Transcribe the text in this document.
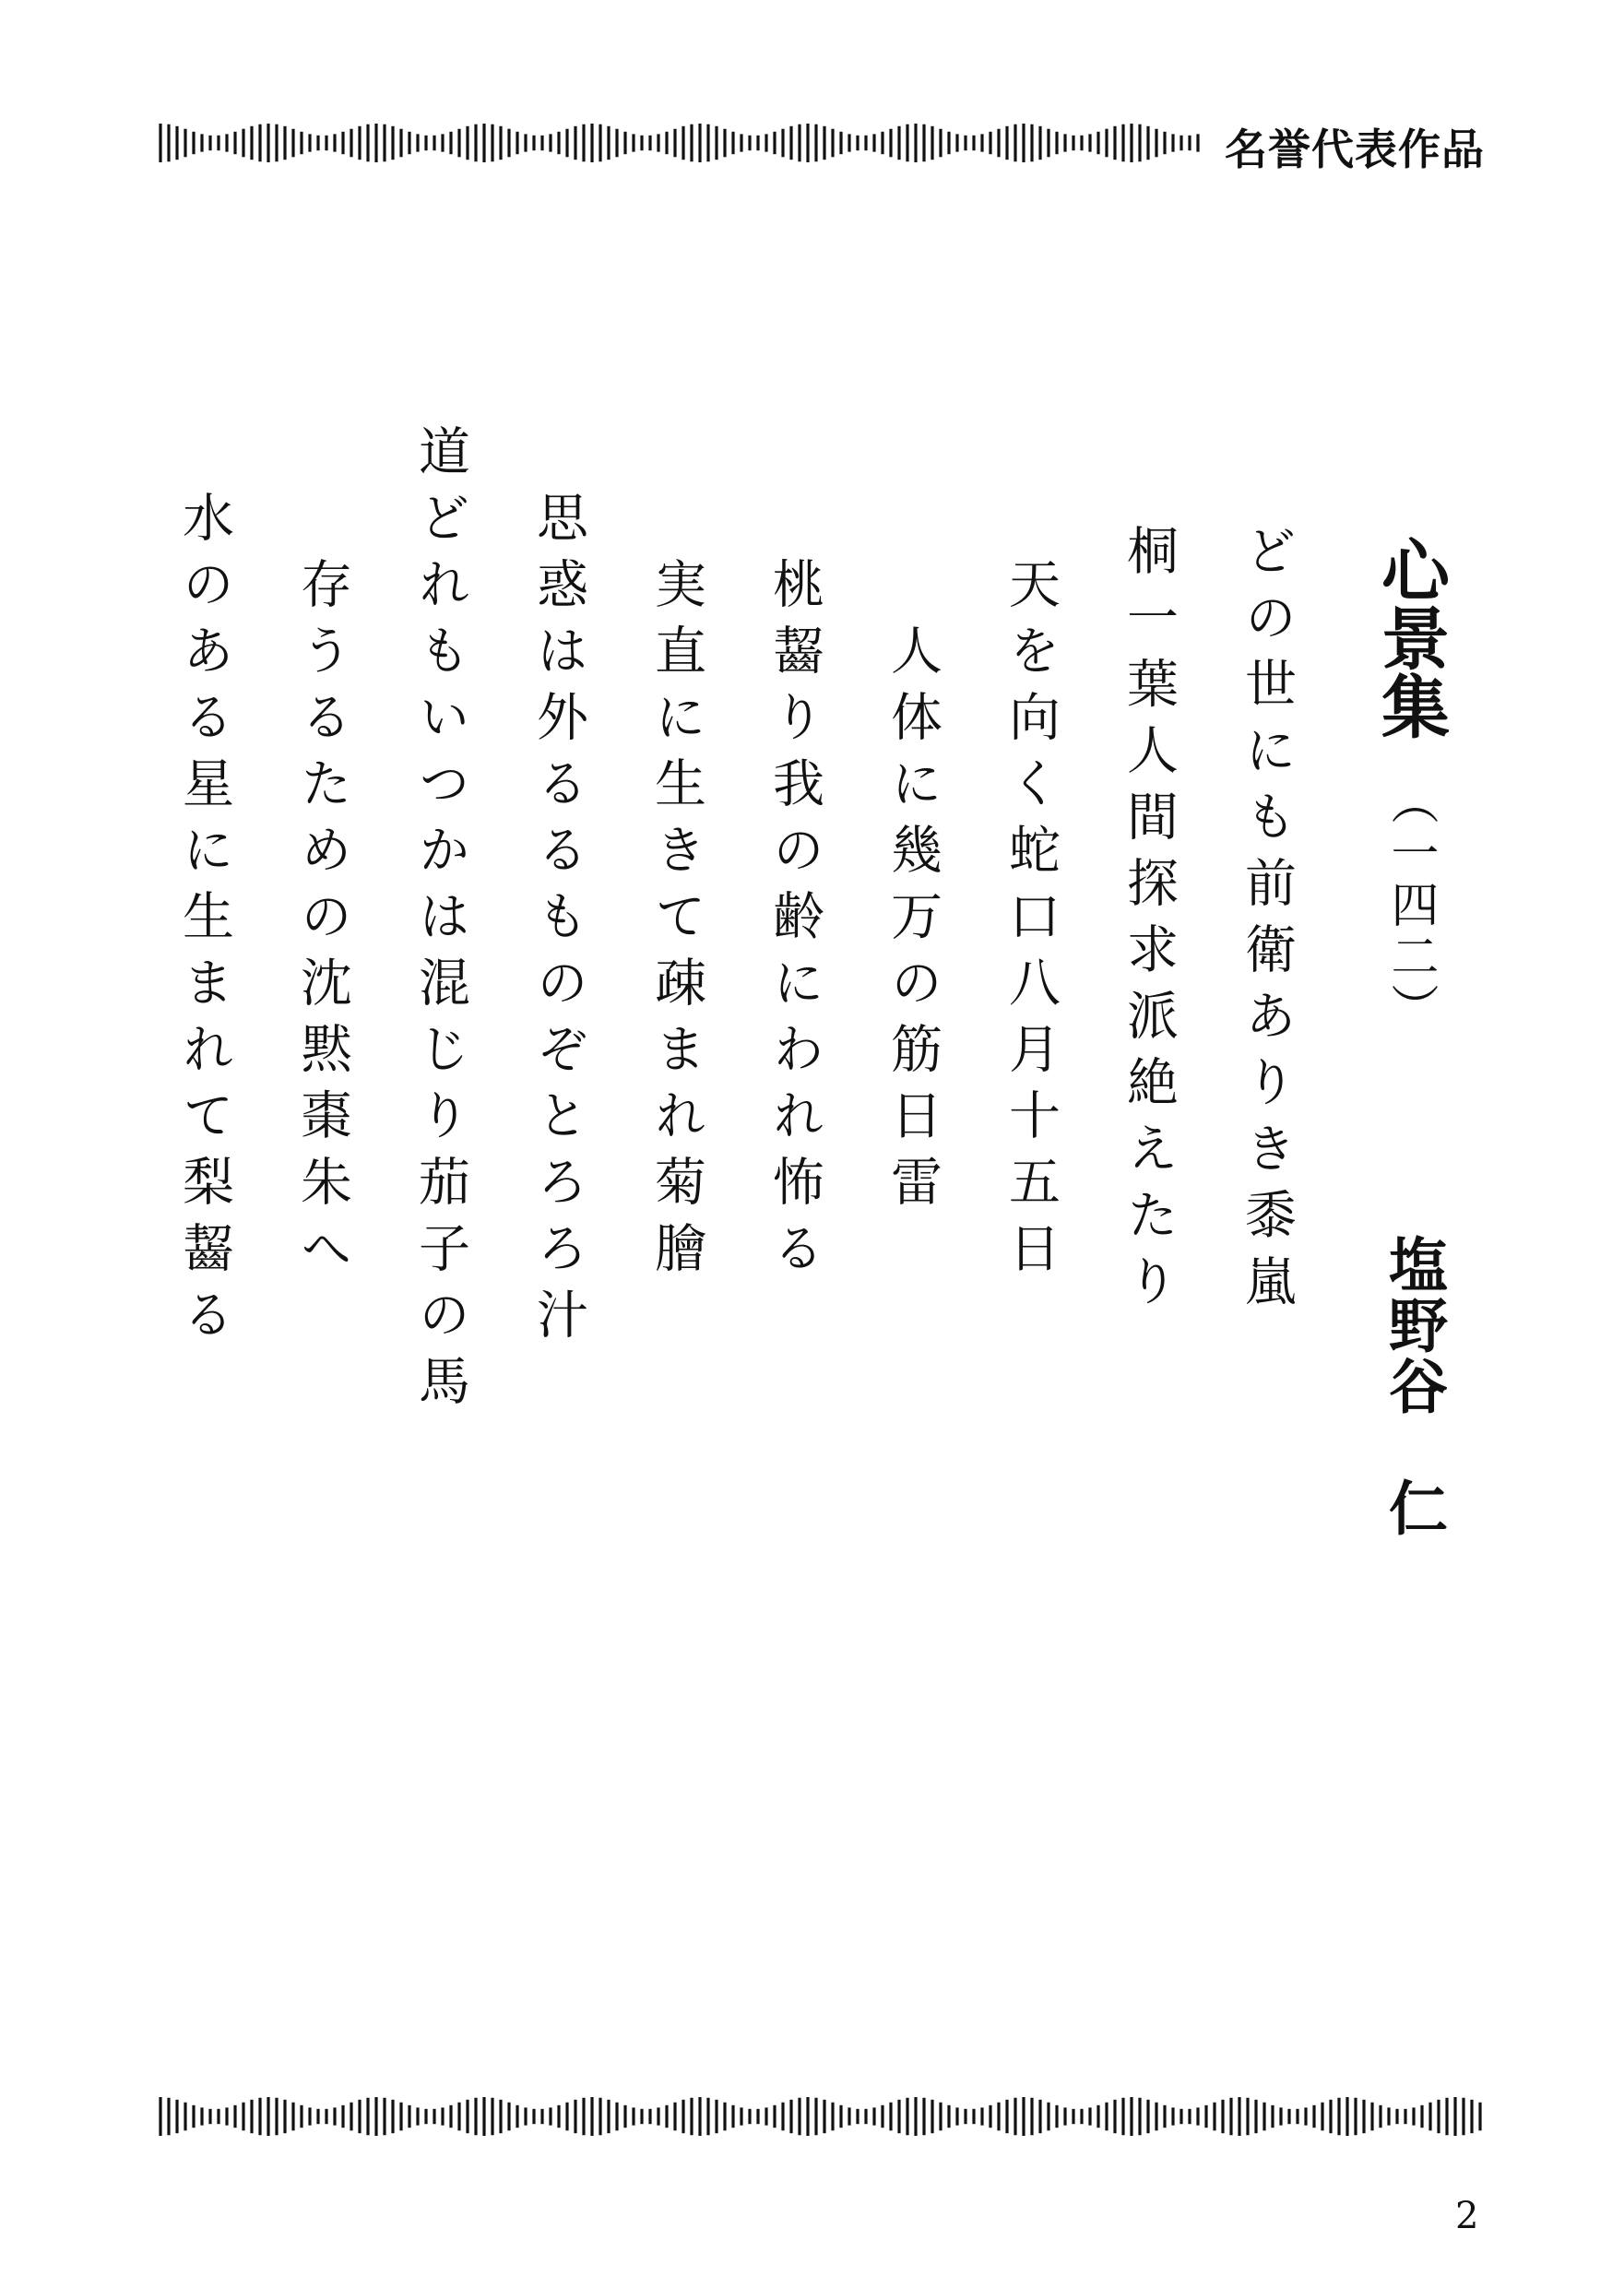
名誉代表作品
心景集 （一四二）
塩野谷　仁
どの世にも前衛ありき黍嵐
桐一葉人間探求派絶えたり
天を向く蛇口八月十五日
人体に幾万の筋日雷
桃齧り我の齢にわれ怖る
実直に生きて疎まれ菊膾
思惑は外るるものぞとろろ汁
道どれもいつかは混じり茄子の馬
存うるための沈黙棗朱へ
水のある星に生まれて梨齧る
2
